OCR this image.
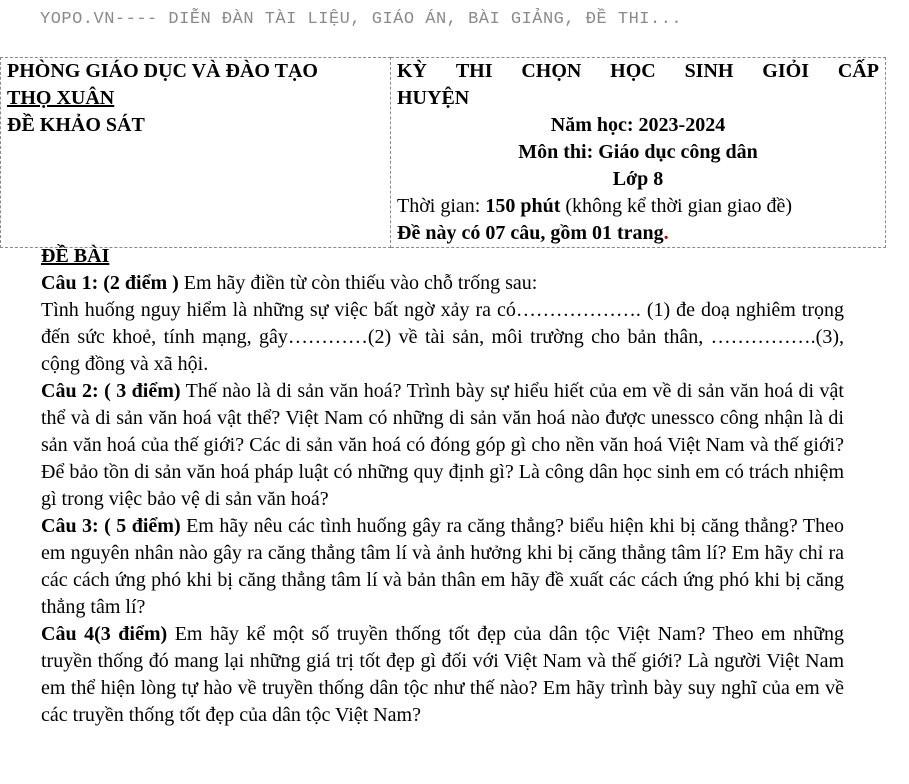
YOPO.VN---- DIỄN ĐÀN TÀI LIỆU, GIÁO ÁN, BÀI GIẢNG, ĐỀ THI...
PHÒNG GIÁO DỤC VÀ ĐÀO TẠO
THỌ XUÂN
ĐỀ KHẢO SÁT

KỲ THI CHỌN HỌC SINH GIỎI CẤP
HUYỆN
Năm học: 2023-2024
Môn thi: Giáo dục công dân
Lớp 8
Thời gian: 150 phút (không kể thời gian giao đề)
Đề này có 07 câu, gồm 01 trang.

ĐỀ BÀI

Câu 1: (2 điểm ) Em hãy điền từ còn thiếu vào chỗ trống sau:

Tình huống nguy hiểm là những sự việc bất ngờ xảy ra có………………. (1) đe doạ nghiêm trọng đến sức khoẻ, tính mạng, gây…………(2) về tài sản, môi trường cho bản thân, …………….(3), cộng đồng và xã hội.

Câu 2: ( 3 điểm) Thế nào là di sản văn hoá? Trình bày sự hiểu hiết của em về di sản văn hoá di vật thể và di sản văn hoá vật thể? Việt Nam có những di sản văn hoá nào được unessco công nhận là di sản văn hoá của thế giới? Các di sản văn hoá có đóng góp gì cho nền văn hoá Việt Nam và thế giới? Để bảo tồn di sản văn hoá pháp luật có những quy định gì? Là công dân học sinh em có trách nhiệm gì trong việc bảo vệ di sản văn hoá?

Câu 3: ( 5 điểm) Em hãy nêu các tình huống gây ra căng thẳng? biểu hiện khi bị căng thẳng? Theo em nguyên nhân nào gây ra căng thẳng tâm lí và ảnh hưởng khi bị căng thẳng tâm lí? Em hãy chỉ ra các cách ứng phó khi bị căng thẳng tâm lí và bản thân em hãy đề xuất các cách ứng phó khi bị căng thẳng tâm lí?

Câu 4(3 điểm) Em hãy kể một số truyền thống tốt đẹp của dân tộc Việt Nam? Theo em những truyền thống đó mang lại những giá trị tốt đẹp gì đối với Việt Nam và thế giới? Là người Việt Nam em thể hiện lòng tự hào về truyền thống dân tộc như thế nào? Em hãy trình bày suy nghĩ của em về các truyền thống tốt đẹp của dân tộc Việt Nam?
